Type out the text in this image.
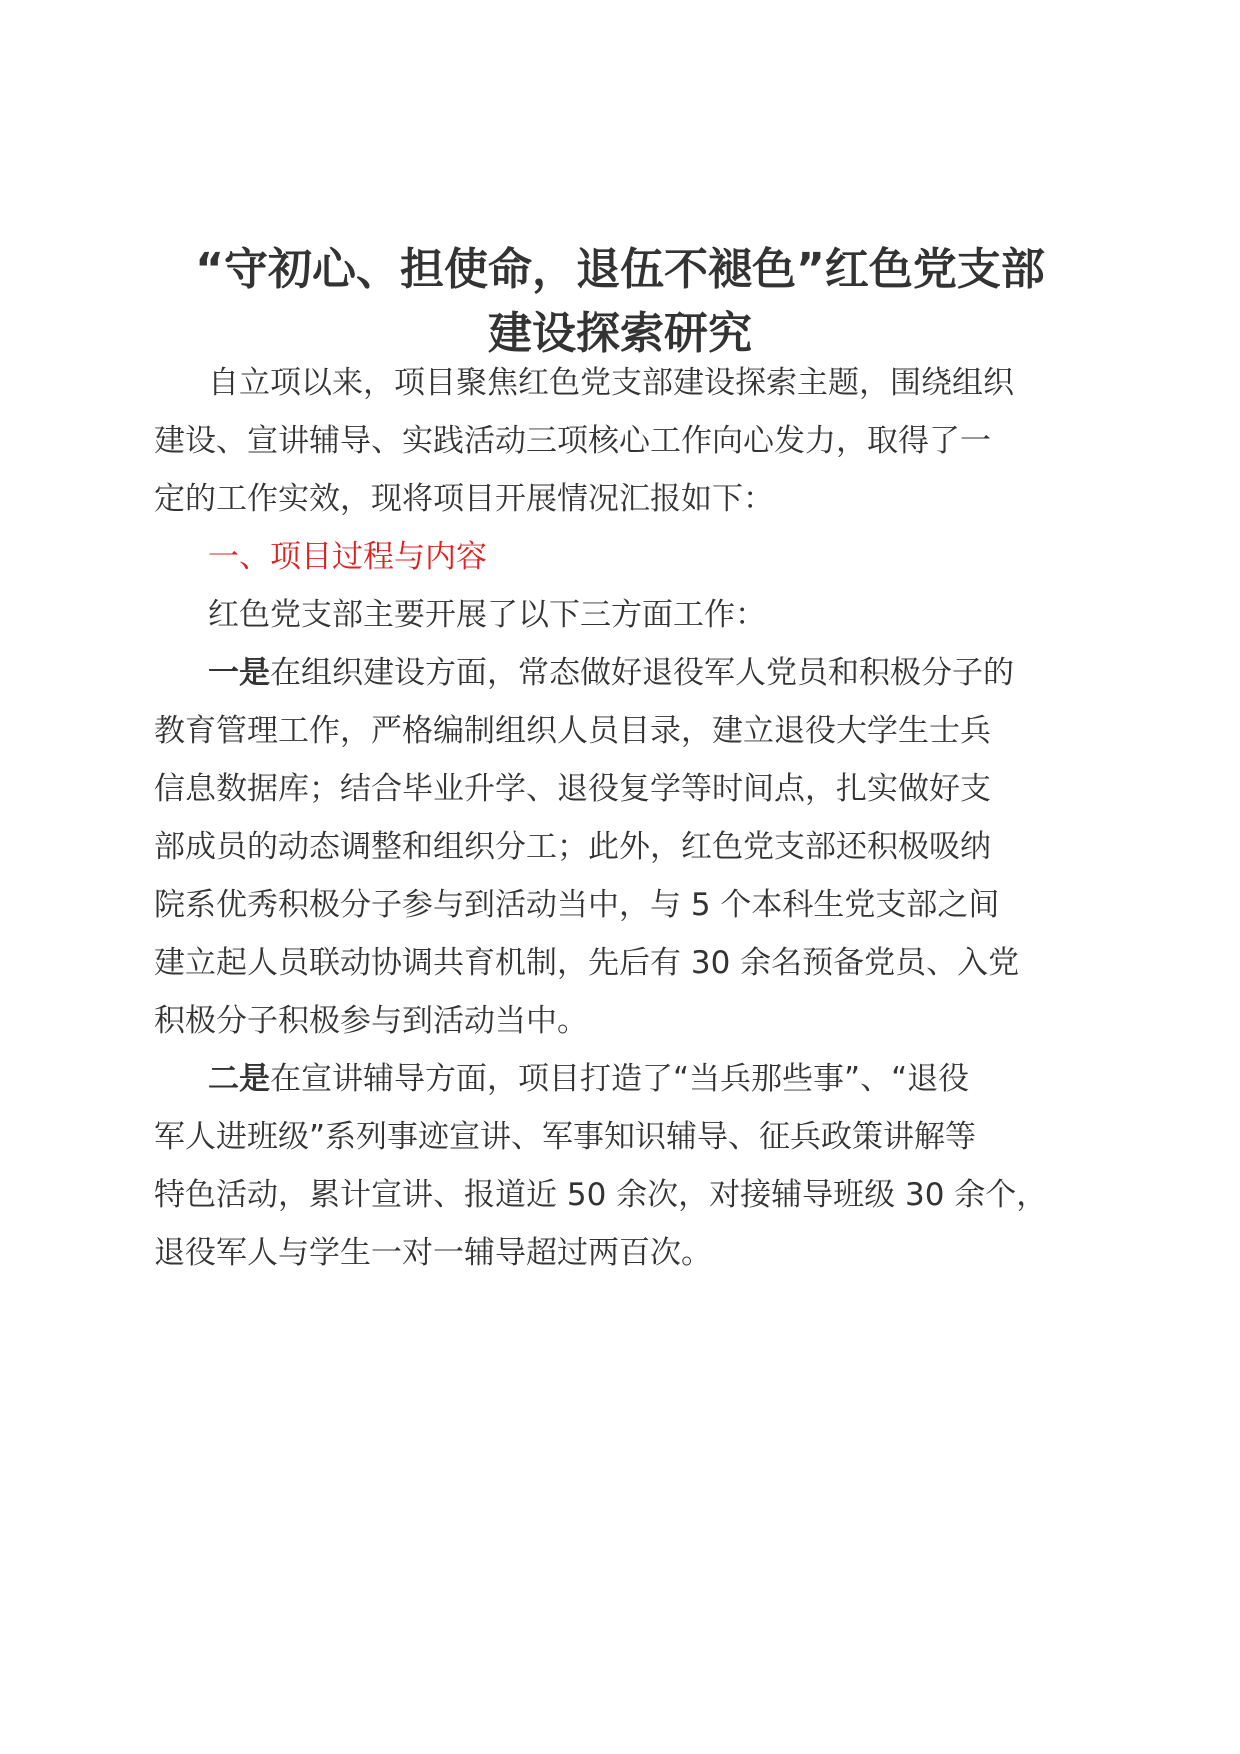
“守初心、担使命，退伍不褪色”红色党支部
建设探索研究

自立项以来，项目聚焦红色党支部建设探索主题，围绕组织

建设、宣讲辅导、实践活动三项核心工作向心发力，取得了一

定的工作实效，现将项目开展情况汇报如下：

一、项目过程与内容

红色党支部主要开展了以下三方面工作：

一是在组织建设方面，常态做好退役军人党员和积极分子的

教育管理工作，严格编制组织人员目录，建立退役大学生士兵

信息数据库；结合毕业升学、退役复学等时间点，扎实做好支

部成员的动态调整和组织分工；此外，红色党支部还积极吸纳

院系优秀积极分子参与到活动当中，与 5 个本科生党支部之间

建立起人员联动协调共育机制，先后有 30 余名预备党员、入党

积极分子积极参与到活动当中。

二是在宣讲辅导方面，项目打造了“当兵那些事”、“退役

军人进班级”系列事迹宣讲、军事知识辅导、征兵政策讲解等

特色活动，累计宣讲、报道近 50 余次，对接辅导班级 30 余个，

退役军人与学生一对一辅导超过两百次。
